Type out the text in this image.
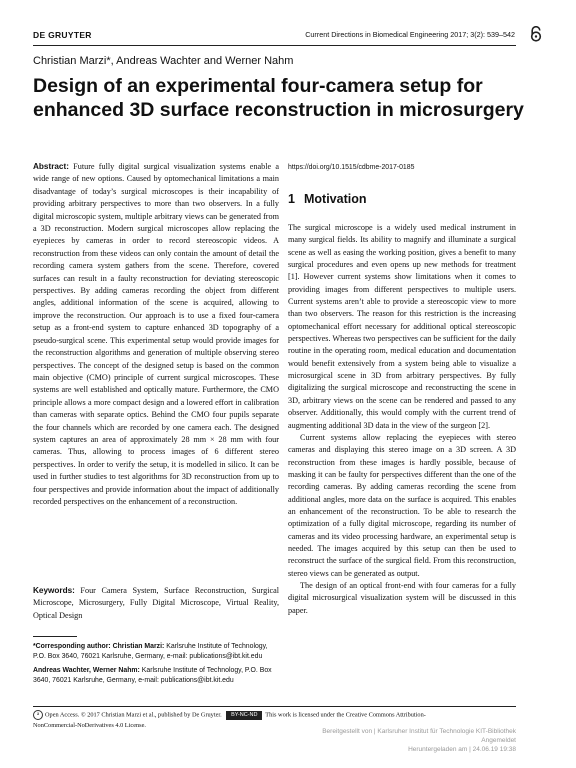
DE GRUYTER	Current Directions in Biomedical Engineering 2017; 3(2): 539–542
Christian Marzi*, Andreas Wachter and Werner Nahm
Design of an experimental four-camera setup for enhanced 3D surface reconstruction in microsurgery

Abstract: Future fully digital surgical visualization systems enable a wide range of new options. Caused by optomechanical limitations a main disadvantage of today’s surgical microscopes is their incapability of providing arbitrary perspectives to more than two observers. In a fully digital microscopic system, multiple arbitrary views can be generated from a 3D reconstruction. Modern surgical microscopes allow replacing the eyepieces by cameras in order to record stereoscopic videos. A reconstruction from these videos can only contain the amount of detail the recording camera system gathers from the scene. Therefore, covered surfaces can result in a faulty reconstruction for deviating stereoscopic perspectives. By adding cameras recording the object from different angles, additional information of the scene is acquired, allowing to improve the reconstruction. Our approach is to use a fixed four-camera setup as a front-end system to capture enhanced 3D topography of a pseudo-surgical scene. This experimental setup would provide images for the reconstruction algorithms and generation of multiple observing stereo perspectives. The concept of the designed setup is based on the common main objective (CMO) principle of current surgical microscopes. These systems are well established and optically mature. Furthermore, the CMO principle allows a more compact design and a lowered effort in calibration than cameras with separate optics. Behind the CMO four pupils separate the four channels which are recorded by one camera each. The designed system captures an area of approximately 28 mm × 28 mm with four cameras. Thus, allowing to process images of 6 different stereo perspectives. In order to verify the setup, it is modelled in silico. It can be used in further studies to test algorithms for 3D reconstruction from up to four perspectives and provide information about the impact of additionally recorded perspectives on the enhancement of a reconstruction.

Keywords: Four Camera System, Surface Reconstruction, Surgical Microscope, Microsurgery, Fully Digital Microscope, Virtual Reality, Optical Design

*Corresponding author: Christian Marzi: Karlsruhe Institute of Technology, P.O. Box 3640, 76021 Karlsruhe, Germany, e-mail: publications@ibt.kit.edu

Andreas Wachter, Werner Nahm: Karlsruhe Institute of Technology, P.O. Box 3640, 76021 Karlsruhe, Germany, e-mail: publications@ibt.kit.edu

https://doi.org/10.1515/cdbme-2017-0185
1 Motivation

The surgical microscope is a widely used medical instrument in many surgical fields. Its ability to magnify and illuminate a surgical scene as well as easing the working position, gives a benefit to many surgical procedures and even opens up new methods for treatment [1]. However current systems show limitations when it comes to providing images from different perspectives to multiple users. Current systems aren’t able to provide a stereoscopic view to more than two observers. The reason for this restriction is the increasing optomechanical effort necessary for additional optical stereoscopic perspectives. Whereas two perspectives can be sufficient for the daily routine in the operating room, medical education and documentation would benefit extensively from a system being able to visualize a microsurgical scene in 3D from arbitrary perspectives. By fully digitalizing the surgical microscope and reconstructing the scene in 3D, arbitrary views on the scene can be rendered and passed to any observer. Additionally, this would comply with the current trend of augmenting additional 3D data in the view of the surgeon [2].

Current systems allow replacing the eyepieces with stereo cameras and displaying this stereo image on a 3D screen. A 3D reconstruction from these images is hardly possible, because of masking it can be faulty for perspectives different than the one of the recording cameras. By adding cameras recording the scene from additional angles, more data on the surface is acquired. This enables an enhancement of the reconstruction. To be able to research the optimization of a fully digital microscope, regarding its number of cameras and its video processing hardware, an experimental setup is needed. The images acquired by this setup can then be used to reconstruct the surface of the surgical field. From this reconstruction, stereo views can be generated as output.

The design of an optical front-end with four cameras for a fully digital microsurgical visualization system will be discussed in this paper.

a Open Access. © 2017 Christian Marzi et al., published by De Gruyter. BY-NC-ND This work is licensed under the Creative Commons Attribution-
NonCommercial-NoDerivatives 4.0 License.
Bereitgestellt von | Karlsruher Institut für Technologie KIT-Bibliothek
Angemeldet
Heruntergeladen am | 24.06.19 19:38
